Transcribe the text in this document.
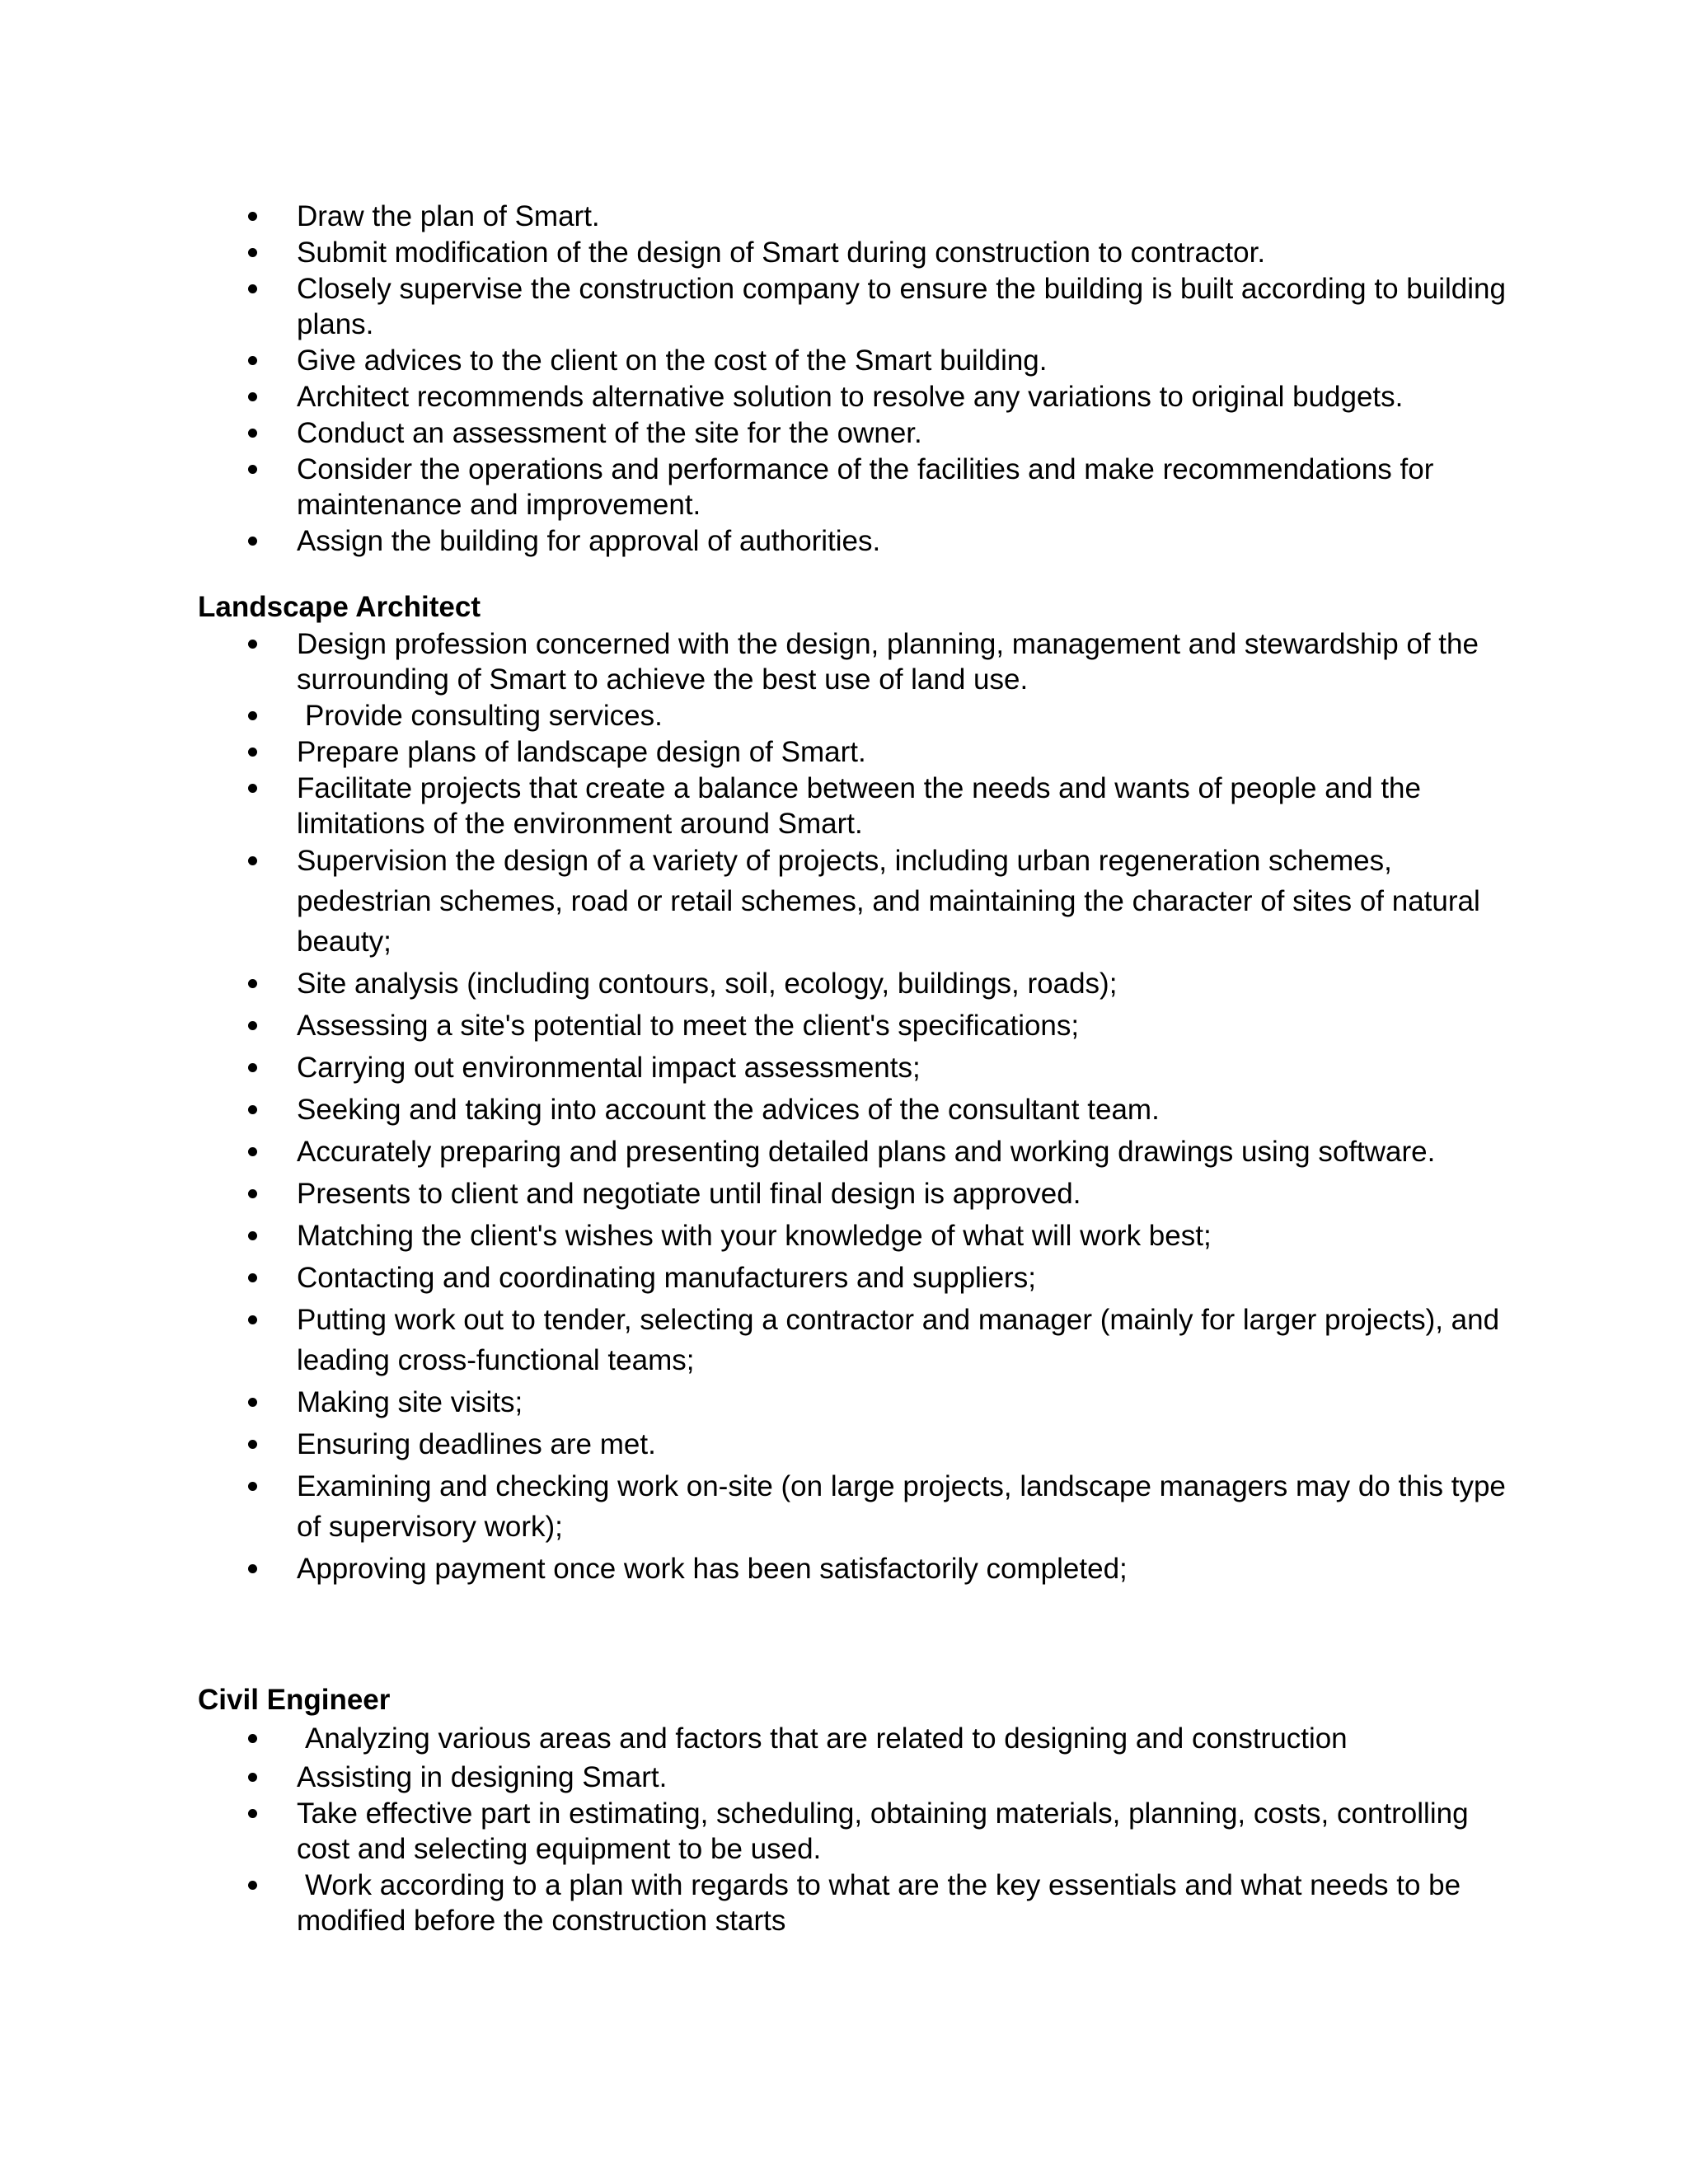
Draw the plan of Smart.
Submit modification of the design of Smart during construction to contractor.
Closely supervise the construction company to ensure the building is built according to building plans.
Give advices to the client on the cost of the Smart building.
Architect recommends alternative solution to resolve any variations to original budgets.
Conduct an assessment of the site for the owner.
Consider the operations and performance of the facilities and make recommendations for maintenance and improvement.
Assign the building for approval of authorities.
Landscape Architect
Design profession concerned with the design, planning, management and stewardship of the surrounding of Smart to achieve the best use of land use.
Provide consulting services.
Prepare plans of landscape design of Smart.
Facilitate projects that create a balance between the needs and wants of people and the limitations of the environment around Smart.
Supervision the design of a variety of projects, including urban regeneration schemes, pedestrian schemes, road or retail schemes, and maintaining the character of sites of natural beauty;
Site analysis (including contours, soil, ecology, buildings, roads);
Assessing a site's potential to meet the client's specifications;
Carrying out environmental impact assessments;
Seeking and taking into account the advices of the consultant team.
Accurately preparing and presenting detailed plans and working drawings using software.
Presents to client and negotiate until final design is approved.
Matching the client's wishes with your knowledge of what will work best;
Contacting and coordinating manufacturers and suppliers;
Putting work out to tender, selecting a contractor and manager (mainly for larger projects), and leading cross-functional teams;
Making site visits;
Ensuring deadlines are met.
Examining and checking work on-site (on large projects, landscape managers may do this type of supervisory work);
Approving payment once work has been satisfactorily completed;
Civil Engineer
Analyzing various areas and factors that are related to designing and construction
Assisting in designing Smart.
Take effective part in estimating, scheduling, obtaining materials, planning, costs, controlling cost and selecting equipment to be used.
Work according to a plan with regards to what are the key essentials and what needs to be modified before the construction starts
